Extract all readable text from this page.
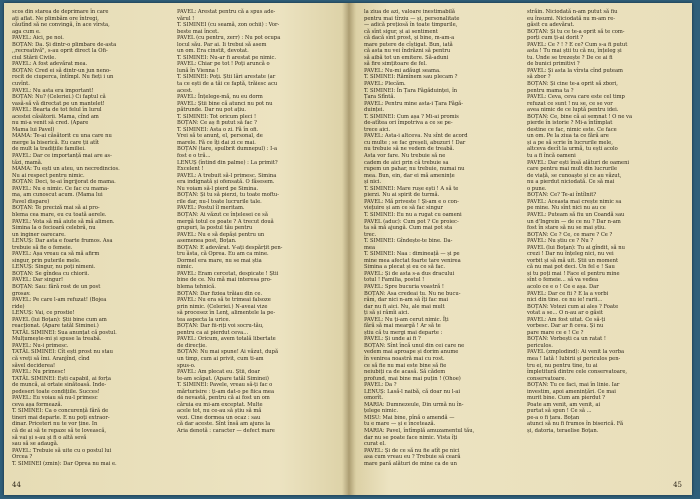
scos din starea de deprimare în care
ați aflat. Ne plimbăm ore întregi,
căutînd să ne convingă, în ace vîrsta,
aga cum e.
PAVEL: Aici, pe noi.
BOȚAN: Da. Și dintr-o plimbare de-asta
,,recreativă", s-au oprit direct la Ofi-
ciul Stării Civile.
PAVEL: A fost adevărat mea.
BOȚAN: Cred ei să dintr-un jun neno-
rocit de ciuperca, întîmpl. Nu fieți i un
cuvînt.
PAVEL: Nu asta era important!
BOȚAN: Nu? (Celeriei.) Ci faptul că
vasă-să vă directat pe un mantelet!
PAVEL: Bearta de tot felul în lurul
acestei căsătorii. Mama, cînd am
nu mi-a venit să cred. (Apare
Mama lui Pavel)
MAMA: Te-ai căsătorit cu una care nu
merge la biserică. Eu care ții atît
de mult la tradițiile familiei.
PAVEL: Dar ce importanță mai are as-
tăzi, mamă.
MAMA: Tu ești un ateu, un necredincios.
Nu ai respect pentru nimic.
BOȚAN: Deci, te-ai îngrijorat de mama.
PAVEL: Nu e nimic. Ce fac cu mama-
ma, am cunoscut acum. (Mama lui
Pavel dispare)
BOȚAN: Te preciză mai să ai pro-
blema cea mare, eu cu toată aerele.
PAVEL: Vota să mă aiute să mă alimen.
Simina la o fecioară celebră, nu
un inginer oarecare.
LENUȘ: Dar asta e foarte frumos. Asa
trebuie să fie o femeie.
PAVEL: Așa vreau ca să mă afirm
singur, prin puterile mele.
LENUȘ: Singur, nu poți nimeni.
BOȚAN: Se gîndea cu chiorii.
PAVEL: Dar singur!
BOȚAN: Sau: fără rost de un post
grosav.
PAVEL: Pe care l-am refuzat! (Bojea
ride)
LENUȘ: Vai, ce prostie!
PAVEL (lui Boțan): Știi bine cum am
reacționat. (Apare tatăl Siminei.)
TATĂL SIMINEI: Sua anunțat că postul.
Mulțumește-mi și spuse la treabă.
PAVEL: Nu-i primesc.
TATĂL SIMINEI: Cît ești prost nu stau
că vreți să îmi. Aranjînd, cînd
săvel deciderea!
PAVEL: Nu primesc!
TATĂL SIMINEI: Ești capabil, ai forța
de muncă, ai ortaie sinătoasă. Inde-
pedeseri toate condițiile. Succes!
PAVEL: Eu voiau să nu-l primesc
ceva așa formează.
T. SIMINEI: Ca o concurență fără de
tineri mai departe. E nu poți extraor-
dinar. Priceteri nu te vor ține. In
că de ai să te repaze să te lovească,
să vai și s-au și fi o altă sevă
sau să se adaugă.
PAVEL: Trebuie să uite cu o postul lui
Orcea ?
T. SIMINEI (zmin): Dar Oprea nu mai e.
PAVEL: Arestat pentru că a spus ade-
vărul !
T. SIMINEI (cu seamă, zon ochii) : Vor-
beste mai încet.
PAVEL (cu pentru, zerr) : Nu pot ocupa
locul său. Par ai. Ii trebui să asem
un om. Era cinstit, devotat.
T. SIMINEI: Nu-ar fi arestat pe nimic.
PAVEL: Chiar pe tot ! Poți aruncă o
lună în Vienna !
T. SIMINEI: Poți. Știi lări arestate (ar
ta ce ești de a tăi ce faptă, trăiesc acu
acest.
PAVEL: Înțelege-mă, nu eu dorm
PAVEL: Știi bine că atunci nu pot nu
pătrunde. Dar nu pot ațiu.
T. SIMINEI: Tot oricum pleci !
BOȚAN: Ce aș fi putut să fac ?
T. SIMINEI: Asta o zi. Fă în ofi.
Vrei să te anunț, el, personal, de
marele. Fă ce îți dai zi ce mai.
BOȚAN (tare, spulbrit dumnepul) : I-a
fost e o tră...
LENUȘ (întind din palme) : La primit?
Excelent !
PAVEL: A trebuit să-l primesc. Simina
era indignată și ofensată. O făsesem.
Nu voiam să-l pierd pe Simina.
BOȚAN: Și tu să pierzi, tu toate moftu-
rile dar, nu-l toate lucrurile tale.
PAVEL: Postul îl meritam.
BOȚAN: Ai văzut ce înțelesei ce să
mergă totul ce poate ? A trecut două
grupuri, la postul tău pentru
PAVEL: Nu e să depăși pentru un
asemenea post, Boțan.
BOȚAN: E adevărat. V-ați despărțit pen-
tru ăsta, că Oprea. Eu am ca mine.
Dormel era mare, nu se mai știa
nimic.
PAVEL: Eram cercetat, despicate ! Știi
bine de ce. Nu mă mai interesa pro-
blema tehnică.
BOȚAN: Dar fiziea trăiau din ce.
PAVEL: Nu era să te trimeai falsoze
prin nimic. (Celeriei.) N-aveai vize
să procesez în Lenț, alimentele la pe-
tea aspecta la urice.
BOȚAN: Dar fii-riți voi socru-tău,
pentru ca ai pierdut ceva...
PAVEL: Oricum, avem totală libertate
de direcție.
BOȚAN: Nu mai spune! Ai văzut, după
un timp, cum ai privit, cum ti-am
spus-o.
PAVEL: Am plecat eu. Știi, doar
te-am scăpat. (Apare tatăl Siminei)
T. SIMINEI: Pavele, vreau să-ți fac o
mărturisire : ți-am dat-o pe fiica mea
de nevastă, pentru că ai fost un om
căruia eu mi-am exceptat. Multe
acele tot, nu ce-au să știu să mă
vezi. Cine dormea un ocaz : sau
că dar aceste. Sînt însă am ajuns la
Aria denotă : caracter — defect mare
44
la ziua de azi, valoare inestimabilă
pentru mai tîrziu — și, personalitate
— adică prețiosă în toate timpurile,
că sînt sigur, și ai sentiment
că dacă sînt prost, și bine, m-am-a
mare putere de cîștigat. Bun, iată
că asta nu vei îndrăzni să pentru
să aibă tot un emitere. Să-aduni
să fire simțitoare de fel.
PAVEL: Nu-mi adăugi seama.
T. SIMINEI: Rămînem sau plecam ?
PAVEL: Plecăm.
T. SIMINEI: În Țara Făgăduinței, în
Țara Sfîntă.
PAVEL: Pentru mine asta-i Țara Făgă-
duinței.
T. SIMINEI: Cum așa ? Mi-ai promis
de-atîtea ori împotriva a ce se pe-
trece aici.
PAVEL: Asta-i altceva. Nu sînt de acord
cu multe ; se fac greșeli, abuzuri ! Dar
nu trebuie să ne vedem de treabă.
Asta vor fare. Nu trebuie să ne
cadem de aici prin că trebuie sa
rupem un pahar, nu trebuie, numai nu
mea. Bun, ein, dar ei mă amenințe
și nici.
T. SIMINEI: Mare rușe ești ! A să te
pierzi. Nu ai spirit de turmă.
PAVEL: Mă priveste ! Și-am e o con-
viețuire și am ce să fac singur
T. SIMINEI: Eu nu a rugat cu oameni
PAVEL (aduc): Cum pot ? Ce proiec-
ta să mă ajungă. Cum mai pot sta
trec.
T. SIMINEI: Gîndește-te bine. Da-
mea
T. SIMINEI: Naa : dimineață — și pe
mine mea afectat foarte tare venirea
Simina a plecat și eu ce să fac.
PAVEL: Și de asta s-a dus dracului
totul ! Familia, postul !
PAVEL: Spre bucuria voastră !
BOȚAN: Asa credeai tu. Nu ne bucu-
răm, dar nici n-am să îți fac mai
dar nu fi aici. Nu, ale mai mult
ți să și rămîi aici.
PAVEL: Nu ți-am cerut nimic. Îți
fără să mai meargă ! Ar să te
știu că tu mergi mai departe :
PAVEL: Și unde ai fi ?
BOȚAN: Sînt încă unul din cei care ne
vedem mai aproape și dorim anume
în venirea noastră mai cu rost.
ce să fie nu mai este bine să fie
neiubiți ca de acasă. Să cădem
profund, mai bine mai puțin ! (Ohoe)
PAVEL: Da ?
LENUȘ: Lasă-l naibă, că doar nu l-ai
omorît.
MARIA: Dumnezeule, Din urmă nu în-
țelege nimic.
MISU: Mai bine, pînă o amendă —
tu e mare — și e încetează.
MARIA: Pavel, întîmplă amuzamentul tău,
dar nu se poate face nimic. Vista îți
curat el.
PAVEL: Și de ce să nu fie atît pe nici
asa cum vreau eu ? Trebuie să ceară
mare pară alături de mine ca de un
străin. Niciodată n-am putut să fiu
eu însumi. Niciodată nu m-am re-
găsit cu adevărat.
BOȚAN: Și tu ce te-a oprit să te com-
porți cum ți-ai dorit ?
PAVEL: Ce ? ! ? E ce? Cum s-a fi putut
asta ! Tu mai știi tu că nu, înțeleg și
tu. Unde se trezește ? De ce ai fi
de bunici primitivi ?
PAVEL: Și asta la vîrsta cînd puteam
să zbor ?
BOȚAN: Și cine te-a oprit să zbori,
pentru mama ta ?
PAVEL: Ceva, ceva care este cel timp
refuzat ce sunt ! nu se, ce se vor
avea nimic de ce luptă pentru idei.
BOȚAN: Ce, bine că ai semnat ! O ne va
pierde în istorie ? Mi-a întîmplat
destine ce fac, nimic este. Ce face
un om. Pe la ziua ta ce fără are
și a pe să scrie în lucrurile mele,
altceva decît la urmă, tu ești acolo
tu a fi încă oameni
PAVEL: Dar ești însă alături de oameni
care pentru mai mult din lucrurile
de viață, se cunoaște și ce au văzut,
nu a pierdut niciodată. Ce să mai
o pune.
BOȚAN: Ce? Te-ai întîlnit?
PAVEL: Aceasta mai crește nimic sa
pe mine. Nu sînt nici nu au ce
PAVEL: Puteam să fiu un Coandă sau
un d'Ingrein — de ce nu ? Dar n-am
fost în stare să nu se mai știu.
BOȚAN: Ce ? Ce, ce mare ? Ce ?
PAVEL: Nu știu ce ? Nu ?
PAVEL (lui Boțan): Tu ai gîndit, să nu
crezi ! Dar nu înțeleg nici, nu vei
vorbit și să mă uit. Știi un moment
că nu mai pot deci. Un fel e ! Sau
și tu poți mai ! Face el pentru mine
sînt o femeie... să va vedea
acolo ce e o ! Ce e așa. Dar
PAVEL: Dar ce fii ? E la a vorbi
nici din tine. ce nu ie! rarii...
BOȚAN: Votezi cum ai ales ? Foate
votat a se... O n-au ar o găsit
PAVEL: Am fost uitat. Ce să-ți
vorbesc. Dar ar fi ceva. Și nu
pare mare ce e ! Ce ?
BOȚAN: Vorbești ca un ratat !
periculos.
PAVEL (zmplodind): Ai venit la vorba
mea ! Iată ! Iubirii și periculos pen-
tru ei, nu pentru tine, tu ai
împletitură dintre cele conservatoare,
conservatoare.
BOȚAN: Tu ce faci, mai în linie. Iar
investim, apoi amenințări. Ce mai
murit bine. Cum am pierdut ?
Poate am venit, am venit, ai
purtat să spun ! Ce să ...
pe-a o fi țara. Boțan
atunci să nu fi frumos în biserică. Fă
și, datoria, teraelise Boțan.
45
